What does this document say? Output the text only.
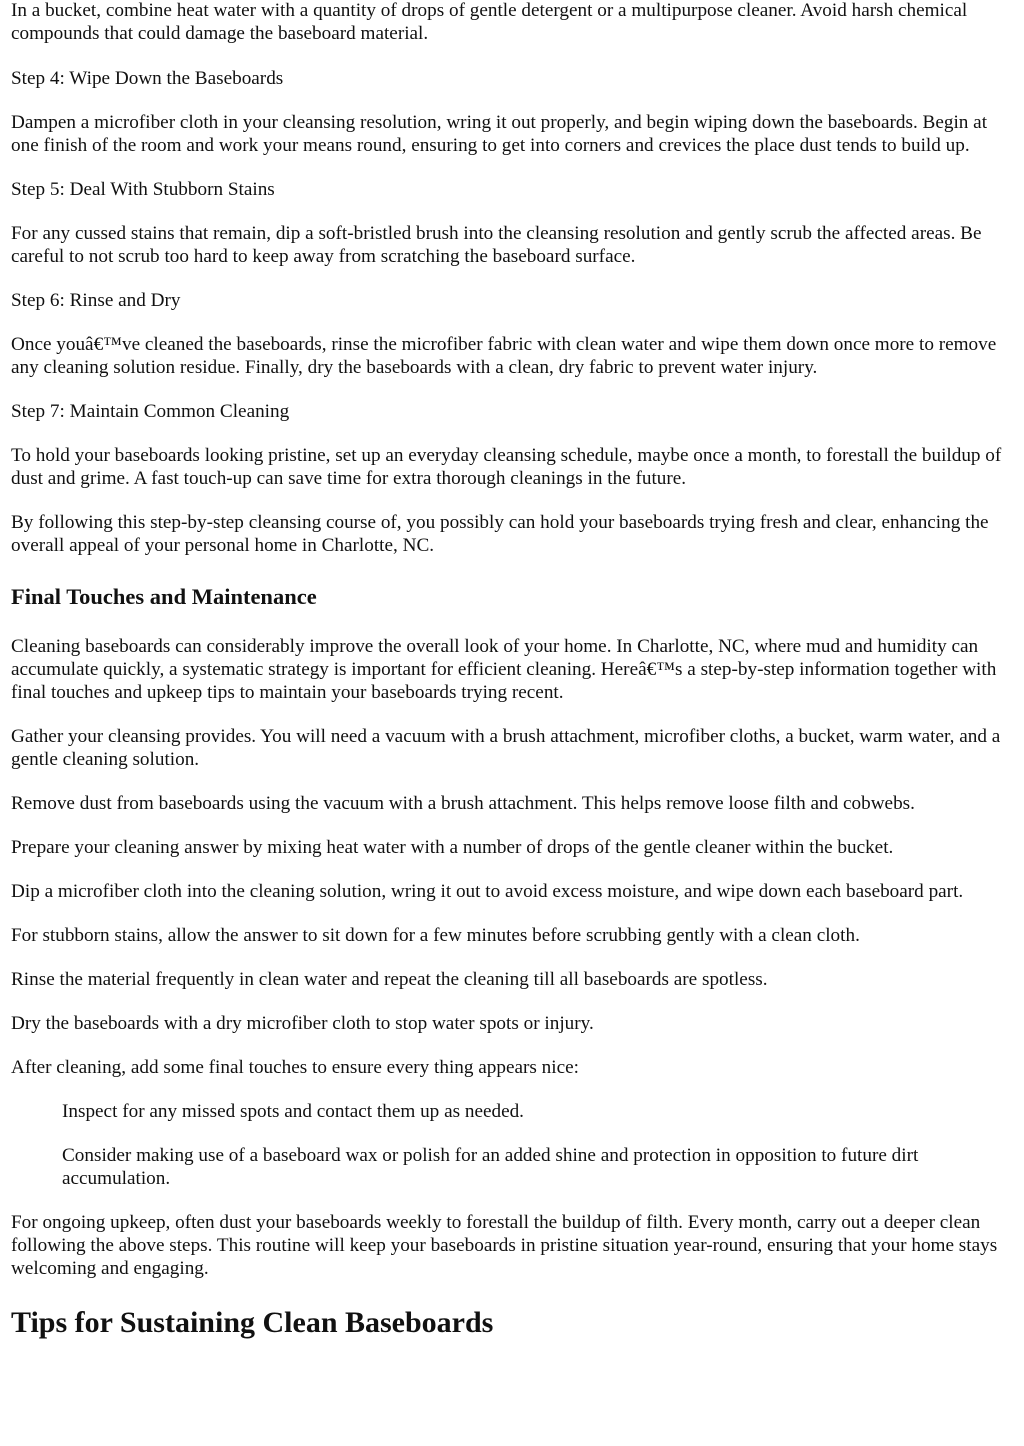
In a bucket, combine heat water with a quantity of drops of gentle detergent or a multipurpose cleaner. Avoid harsh chemical compounds that could damage the baseboard material.

Step 4: Wipe Down the Baseboards

Dampen a microfiber cloth in your cleansing resolution, wring it out properly, and begin wiping down the baseboards. Begin at one finish of the room and work your means round, ensuring to get into corners and crevices the place dust tends to build up.

Step 5: Deal With Stubborn Stains

For any cussed stains that remain, dip a soft-bristled brush into the cleansing resolution and gently scrub the affected areas. Be careful to not scrub too hard to keep away from scratching the baseboard surface.

Step 6: Rinse and Dry

Once youâ€™ve cleaned the baseboards, rinse the microfiber fabric with clean water and wipe them down once more to remove any cleaning solution residue. Finally, dry the baseboards with a clean, dry fabric to prevent water injury.

Step 7: Maintain Common Cleaning

To hold your baseboards looking pristine, set up an everyday cleansing schedule, maybe once a month, to forestall the buildup of dust and grime. A fast touch-up can save time for extra thorough cleanings in the future.

By following this step-by-step cleansing course of, you possibly can hold your baseboards trying fresh and clear, enhancing the overall appeal of your personal home in Charlotte, NC.

Final Touches and Maintenance

Cleaning baseboards can considerably improve the overall look of your home. In Charlotte, NC, where mud and humidity can accumulate quickly, a systematic strategy is important for efficient cleaning. Hereâ€™s a step-by-step information together with final touches and upkeep tips to maintain your baseboards trying recent.

Gather your cleansing provides. You will need a vacuum with a brush attachment, microfiber cloths, a bucket, warm water, and a gentle cleaning solution.

Remove dust from baseboards using the vacuum with a brush attachment. This helps remove loose filth and cobwebs.

Prepare your cleaning answer by mixing heat water with a number of drops of the gentle cleaner within the bucket.

Dip a microfiber cloth into the cleaning solution, wring it out to avoid excess moisture, and wipe down each baseboard part.

For stubborn stains, allow the answer to sit down for a few minutes before scrubbing gently with a clean cloth.

Rinse the material frequently in clean water and repeat the cleaning till all baseboards are spotless.

Dry the baseboards with a dry microfiber cloth to stop water spots or injury.

After cleaning, add some final touches to ensure every thing appears nice:

Inspect for any missed spots and contact them up as needed.
Consider making use of a baseboard wax or polish for an added shine and protection in opposition to future dirt accumulation.

For ongoing upkeep, often dust your baseboards weekly to forestall the buildup of filth. Every month, carry out a deeper clean following the above steps. This routine will keep your baseboards in pristine situation year-round, ensuring that your home stays welcoming and engaging.

Tips for Sustaining Clean Baseboards
